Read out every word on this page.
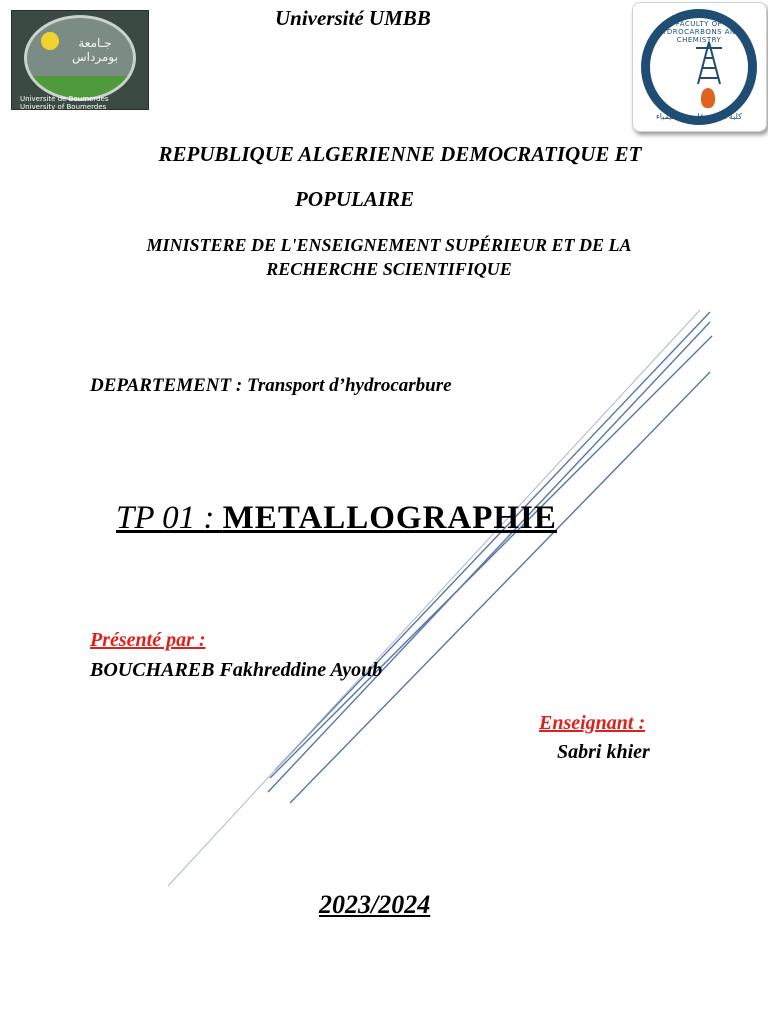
جـامعة بومرداس
Université de Boumerdes
University of Boumerdes
Université UMBB	FACULTY OF HYDROCARBONS AND CHEMISTRY
كلية المحروقات و الكيمياء
REPUBLIQUE ALGERIENNE DEMOCRATIQUE ET
POPULAIRE
MINISTERE DE L'ENSEIGNEMENT SUPÉRIEUR ET DE LA
RECHERCHE SCIENTIFIQUE
DEPARTEMENT : Transport d’hydrocarbure
TP 01 : METALLOGRAPHIE
Présenté par :
BOUCHAREB Fakhreddine Ayoub
Enseignant :
Sabri khier
2023/2024
